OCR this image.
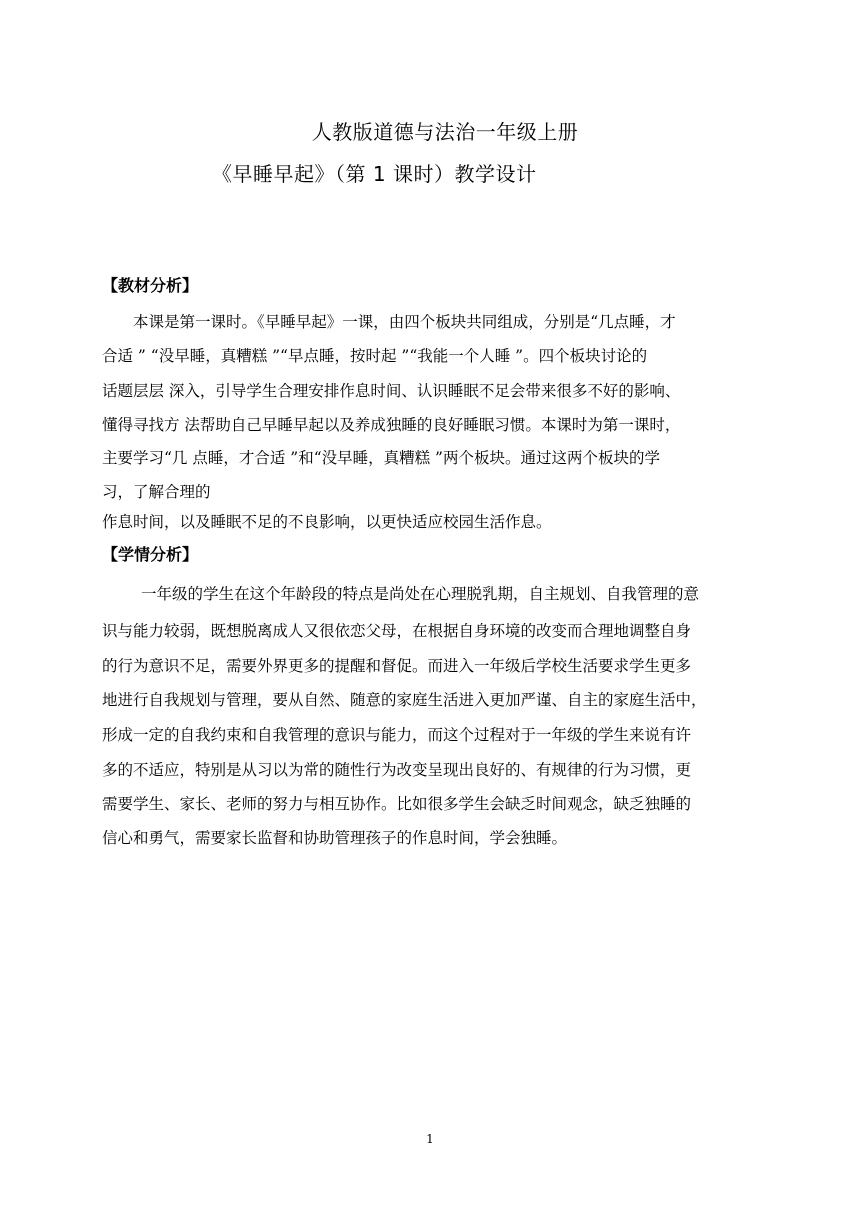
人教版道德与法治一年级上册
《早睡早起》（第 1 课时）教学设计
【教材分析】
本课是第一课时。《早睡早起》一课，由四个板块共同组成，分别是“几点睡，才
合适 ” “没早睡，真糟糕 ”“早点睡，按时起 ”“我能一个人睡 ”。四个板块讨论的
话题层层 深入，引导学生合理安排作息时间、认识睡眠不足会带来很多不好的影响、
懂得寻找方 法帮助自己早睡早起以及养成独睡的良好睡眠习惯。本课时为第一课时，
主要学习“几 点睡，才合适 ”和“没早睡，真糟糕 ”两个板块。通过这两个板块的学
习，了解合理的
作息时间，以及睡眠不足的不良影响，以更快适应校园生活作息。
【学情分析】
一年级的学生在这个年龄段的特点是尚处在心理脱乳期，自主规划、自我管理的意
识与能力较弱，既想脱离成人又很依恋父母，在根据自身环境的改变而合理地调整自身
的行为意识不足，需要外界更多的提醒和督促。而进入一年级后学校生活要求学生更多
地进行自我规划与管理，要从自然、随意的家庭生活进入更加严谨、自主的家庭生活中，
形成一定的自我约束和自我管理的意识与能力，而这个过程对于一年级的学生来说有许
多的不适应，特别是从习以为常的随性行为改变呈现出良好的、有规律的行为习惯，更
需要学生、家长、老师的努力与相互协作。比如很多学生会缺乏时间观念，缺乏独睡的
信心和勇气，需要家长监督和协助管理孩子的作息时间，学会独睡。
1
